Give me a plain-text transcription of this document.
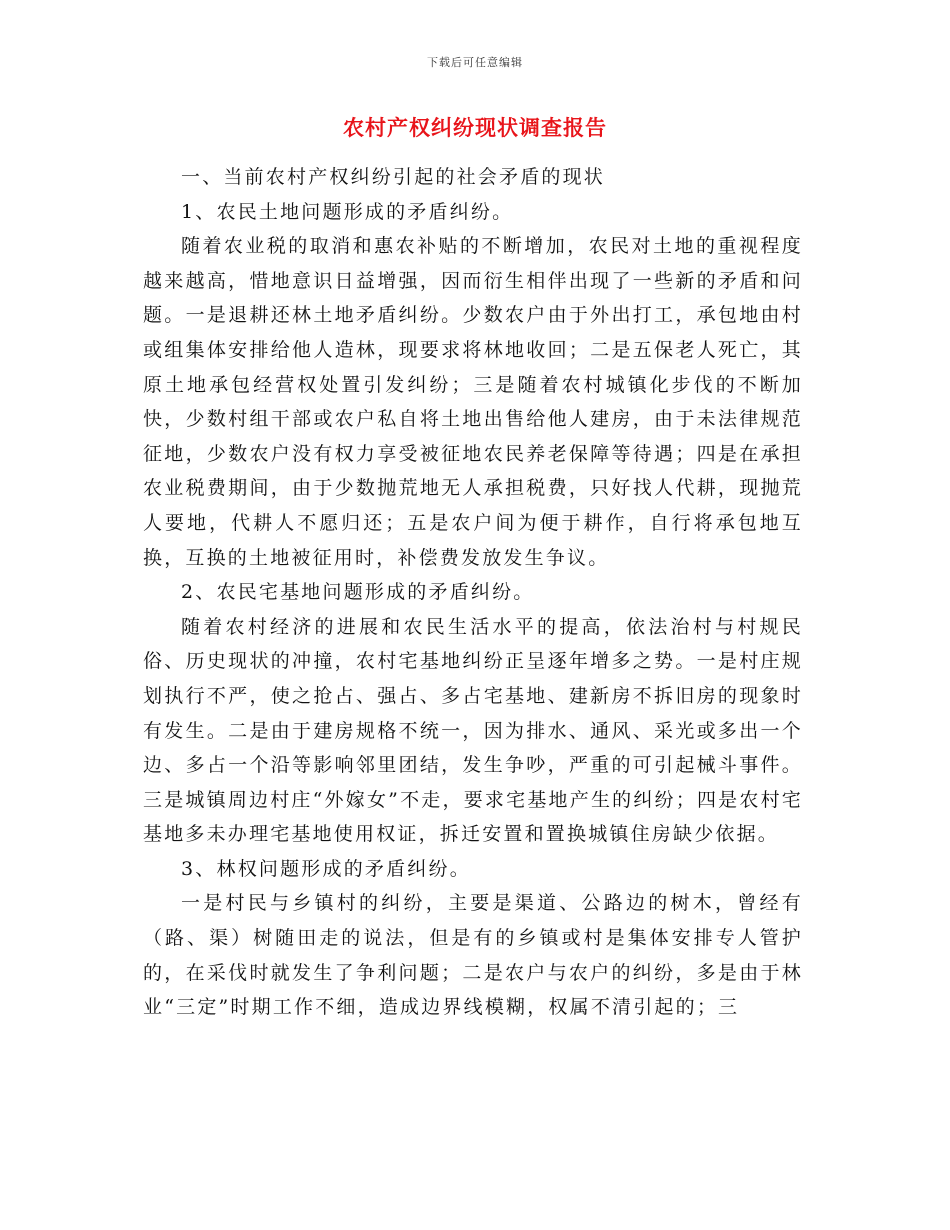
下载后可任意编辑
农村产权纠纷现状调查报告

一、当前农村产权纠纷引起的社会矛盾的现状

1、农民土地问题形成的矛盾纠纷。

随着农业税的取消和惠农补贴的不断增加，农民对土地的重视程度越来越高，惜地意识日益增强，因而衍生相伴出现了一些新的矛盾和问题。一是退耕还林土地矛盾纠纷。少数农户由于外出打工，承包地由村或组集体安排给他人造林，现要求将林地收回；二是五保老人死亡，其原土地承包经营权处置引发纠纷；三是随着农村城镇化步伐的不断加快，少数村组干部或农户私自将土地出售给他人建房，由于未法律规范征地，少数农户没有权力享受被征地农民养老保障等待遇；四是在承担农业税费期间，由于少数抛荒地无人承担税费，只好找人代耕，现抛荒人要地，代耕人不愿归还；五是农户间为便于耕作，自行将承包地互换，互换的土地被征用时，补偿费发放发生争议。

2、农民宅基地问题形成的矛盾纠纷。

随着农村经济的进展和农民生活水平的提高，依法治村与村规民俗、历史现状的冲撞，农村宅基地纠纷正呈逐年增多之势。一是村庄规划执行不严，使之抢占、强占、多占宅基地、建新房不拆旧房的现象时有发生。二是由于建房规格不统一，因为排水、通风、采光或多出一个边、多占一个沿等影响邻里团结，发生争吵，严重的可引起械斗事件。三是城镇周边村庄“外嫁女”不走，要求宅基地产生的纠纷；四是农村宅基地多未办理宅基地使用权证，拆迁安置和置换城镇住房缺少依据。

3、林权问题形成的矛盾纠纷。

一是村民与乡镇村的纠纷，主要是渠道、公路边的树木，曾经有（路、渠）树随田走的说法，但是有的乡镇或村是集体安排专人管护的，在采伐时就发生了争利问题；二是农户与农户的纠纷，多是由于林业“三定”时期工作不细，造成边界线模糊，权属不清引起的；三
